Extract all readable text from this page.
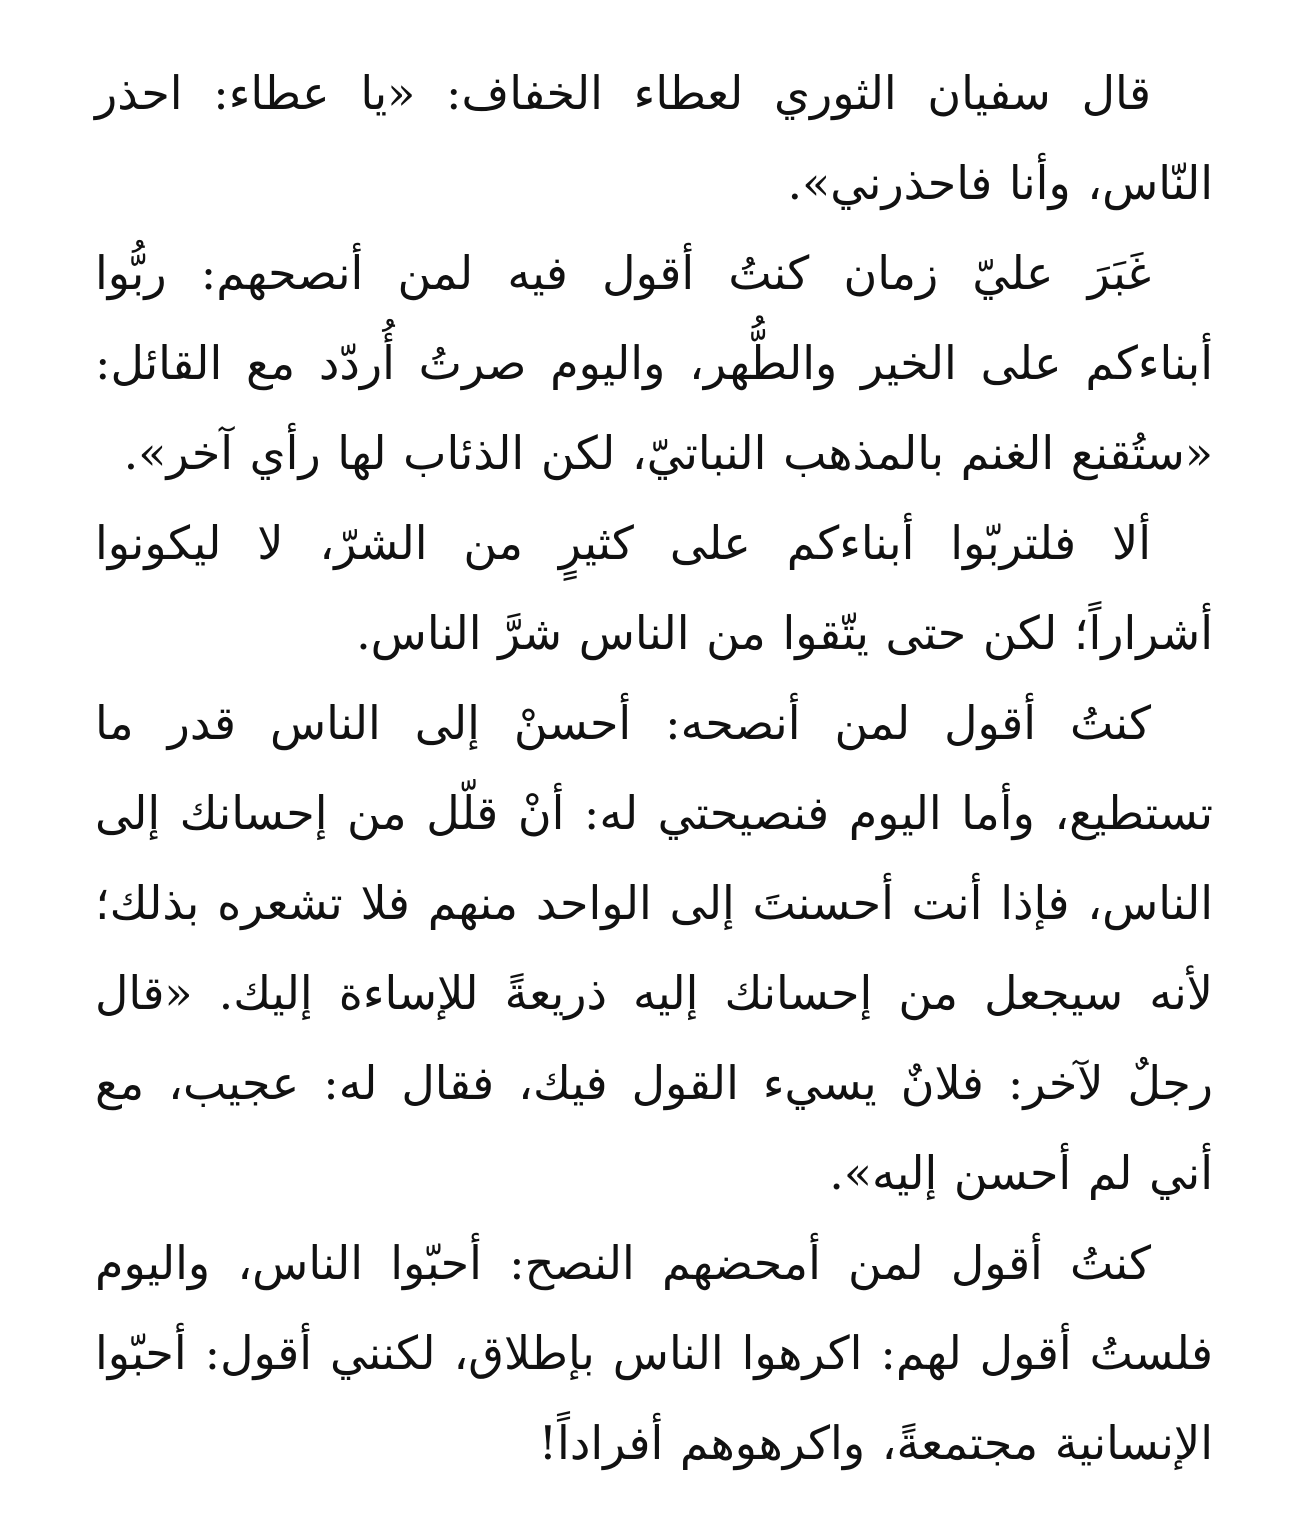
قال سفيان الثوري لعطاء الخفاف: «يا عطاء: احذر النّاس، وأنا فاحذرني».

غَبَرَ عليّ زمان كنتُ أقول فيه لمن أنصحهم: ربُّوا أبناءكم على الخير والطُّهر، واليوم صرتُ أُردّد مع القائل: «ستُقنع الغنم بالمذهب النباتيّ، لكن الذئاب لها رأي آخر».

ألا فلتربّوا أبناءكم على كثيرٍ من الشرّ، لا ليكونوا أشراراً؛ لكن حتى يتّقوا من الناس شرَّ الناس.

كنتُ أقول لمن أنصحه: أحسنْ إلى الناس قدر ما تستطيع، وأما اليوم فنصيحتي له: أنْ قلّل من إحسانك إلى الناس، فإذا أنت أحسنتَ إلى الواحد منهم فلا تشعره بذلك؛ لأنه سيجعل من إحسانك إليه ذريعةً للإساءة إليك. «قال رجلٌ لآخر: فلانٌ يسيء القول فيك، فقال له: عجيب، مع أني لم أحسن إليه».

كنتُ أقول لمن أمحضهم النصح: أحبّوا الناس، واليوم فلستُ أقول لهم: اكرهوا الناس بإطلاق، لكنني أقول: أحبّوا الإنسانية مجتمعةً، واكرهوهم أفراداً!
